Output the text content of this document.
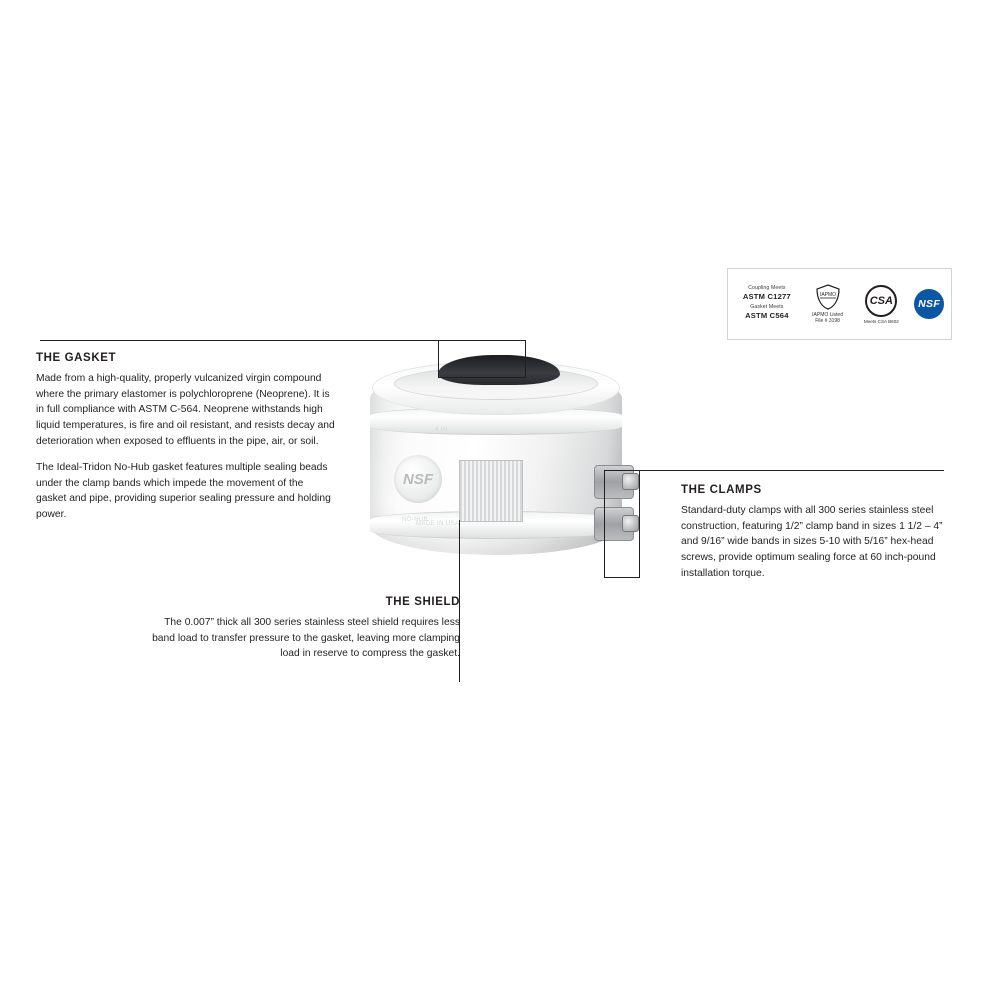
Coupling Meets
ASTM C1277
Gasket Meets
ASTM C564
IAPMO
IAPMO Listed
File # 3198
CSA
Meets CSA B602
NSF
NSF
4 IN
MADE IN USA
NO-HUB
THE GASKET

Made from a high-quality, properly vulcanized virgin compound where the primary elastomer is polychloroprene (Neoprene). It is in full compliance with ASTM C-564. Neoprene withstands high liquid temperatures, is fire and oil resistant, and resists decay and deterioration when exposed to effluents in the pipe, air, or soil.

The Ideal-Tridon No-Hub gasket features multiple sealing beads under the clamp bands which impede the movement of the gasket and pipe, providing superior sealing pressure and holding power.

THE SHIELD

The 0.007” thick all 300 series stainless steel shield requires less band load to transfer pressure to the gasket, leaving more clamping load in reserve to compress the gasket.

THE CLAMPS

Standard-duty clamps with all 300 series stainless steel construction, featuring 1/2” clamp band in sizes 1 1/2 – 4” and 9/16” wide bands in sizes 5-10 with 5/16” hex-head screws, provide optimum sealing force at 60 inch-pound installation torque.
